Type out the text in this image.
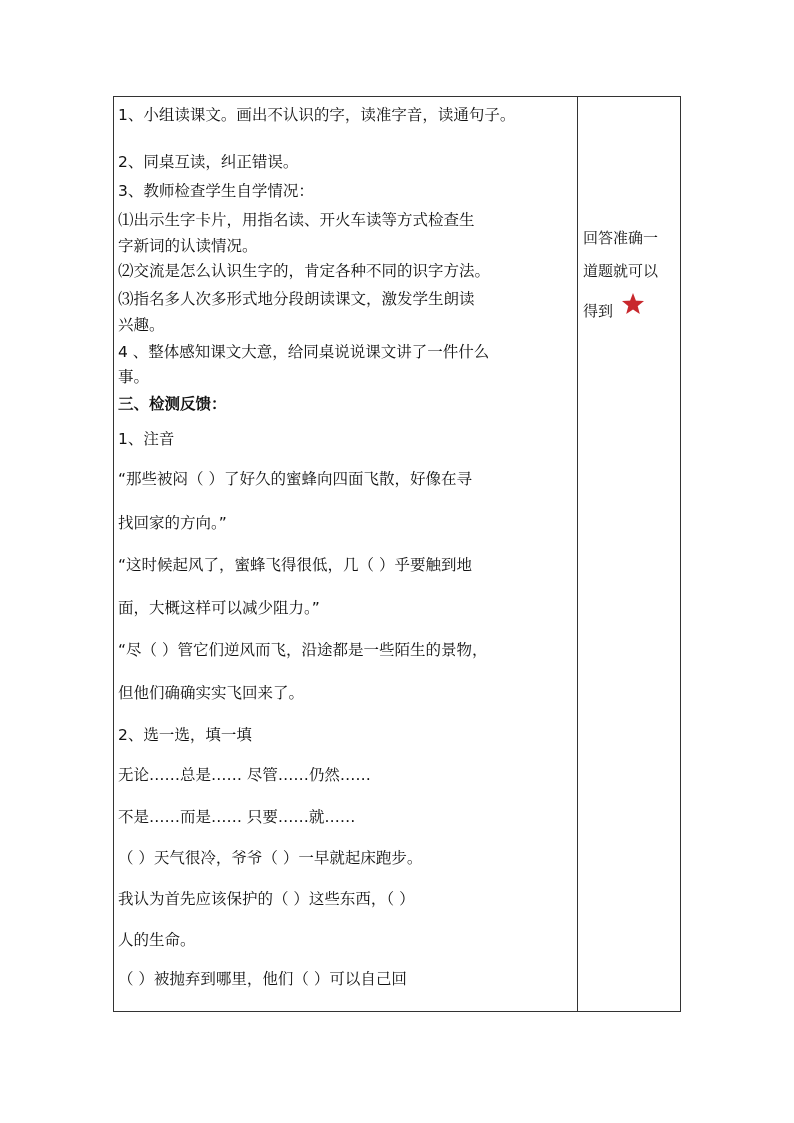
1、小组读课文。画出不认识的字，读准字音，读通句子。
2、同桌互读，纠正错误。
3、教师检查学生自学情况：
⑴出示生字卡片，用指名读、开火车读等方式检查生
字新词的认读情况。
⑵交流是怎么认识生字的，肯定各种不同的识字方法。
⑶指名多人次多形式地分段朗读课文，激发学生朗读
兴趣。
4 、整体感知课文大意，给同桌说说课文讲了一件什么
事。
三、检测反馈：
1、注音
“那些被闷（ ）了好久的蜜蜂向四面飞散，好像在寻
找回家的方向。”
“这时候起风了，蜜蜂飞得很低，几（ ）乎要触到地
面，大概这样可以减少阻力。”
“尽（ ）管它们逆风而飞，沿途都是一些陌生的景物，
但他们确确实实飞回来了。
2、选一选，填一填
无论……总是…… 尽管……仍然……
不是……而是…… 只要……就……
（ ）天气很冷，爷爷（ ）一早就起床跑步。
我认为首先应该保护的（ ）这些东西，（ ）
人的生命。
（ ）被抛弃到哪里，他们（ ）可以自己回
回答准确一
道题就可以
得到
